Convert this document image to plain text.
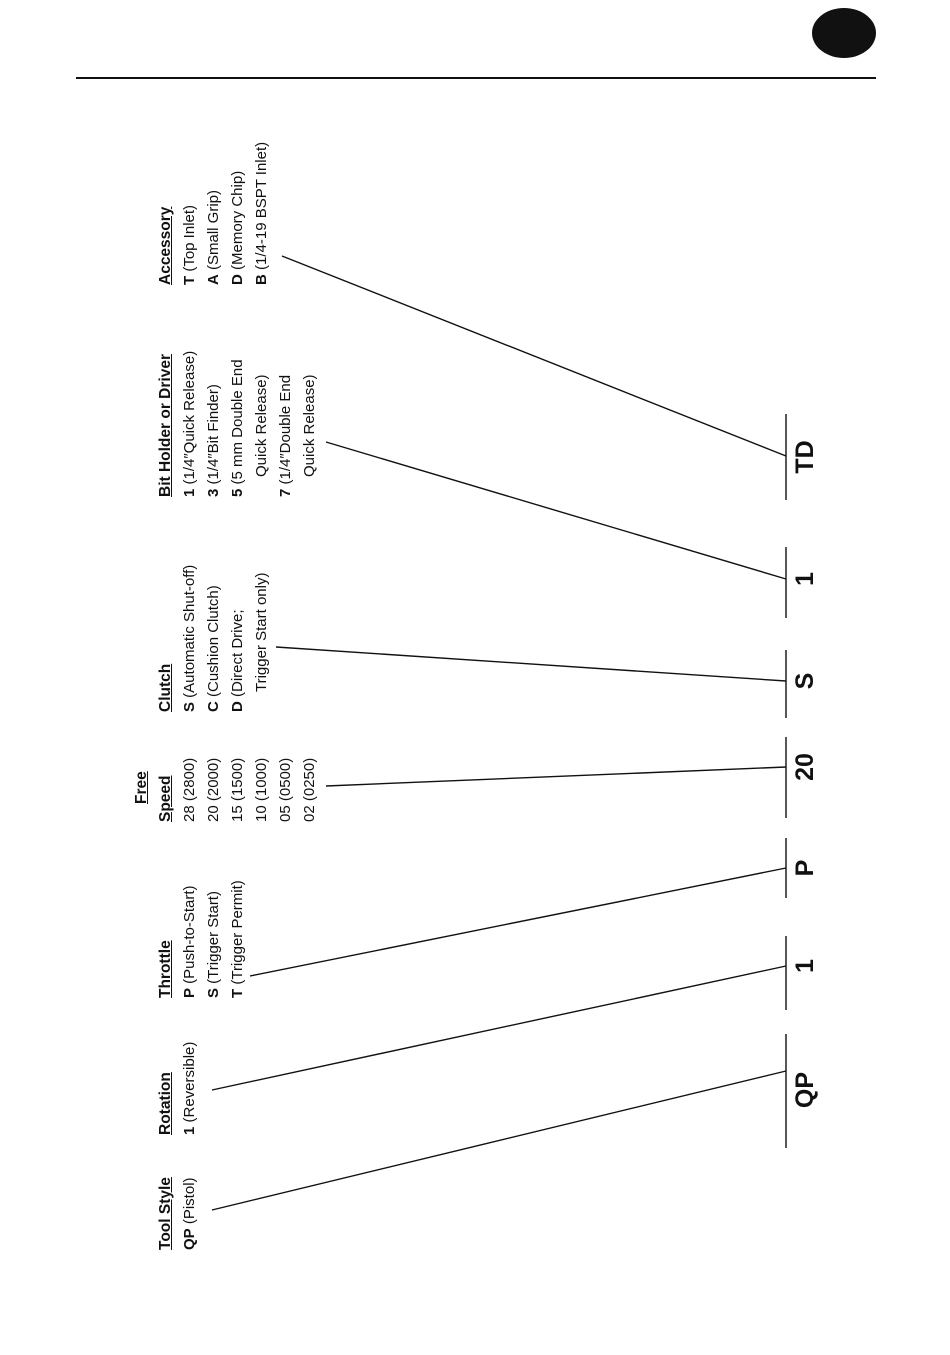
Tool Style QP (Pistol)
Rotation 1 (Reversible)
Throttle P (Push-to-Start)
S (Trigger Start)
T (Trigger Permit)
Free Speed 28 (2800) 20 (2000) 15 (1500) 10 (1000) 05 (0500) 02 (0250)
Clutch S (Automatic Shut-off)
C (Cushion Clutch)
D (Direct Drive; Trigger Start only)
Bit Holder or Driver 1 (1/4″Quick Release)
3 (1/4″Bit Finder)
5 (5 mm Double End Quick Release)
7 (1/4″Double End Quick Release)
Accessory T (Top Inlet)
A (Small Grip)
D (Memory Chip)
B (1/4-19 BSPT Inlet)
QP
1
P
20
S
1
TD
